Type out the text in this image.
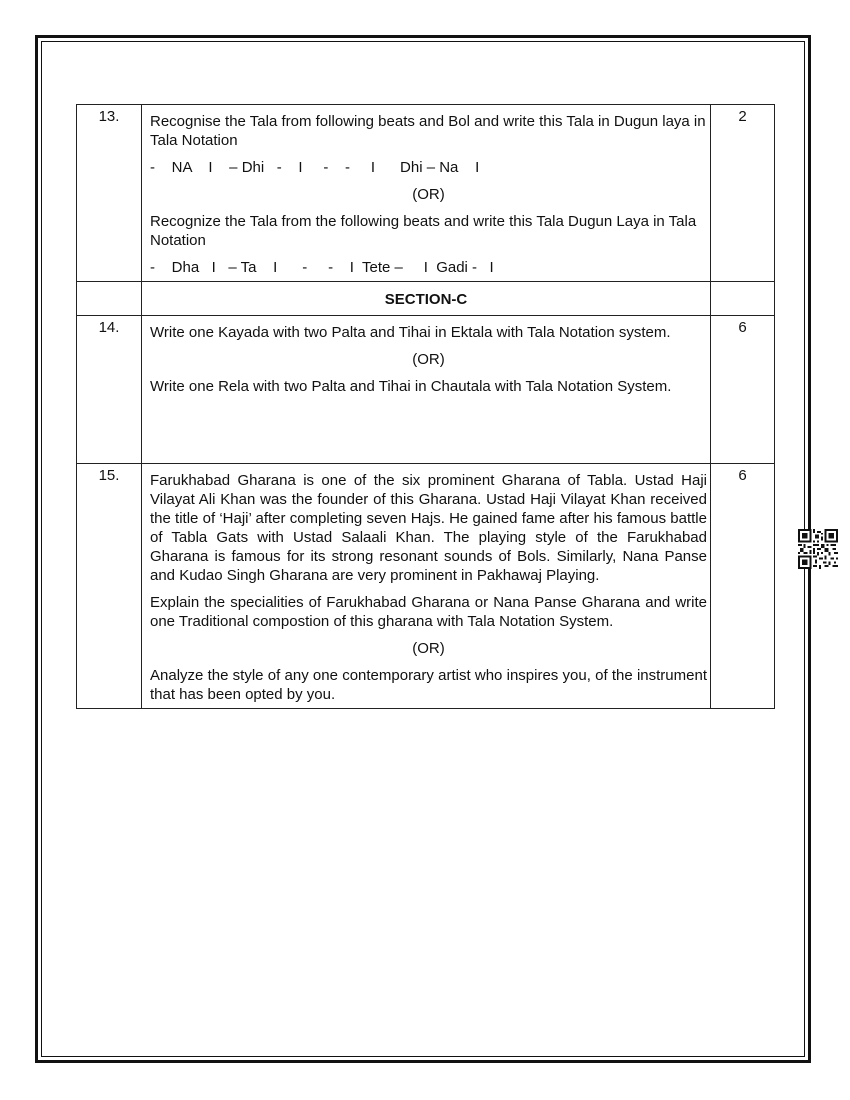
13.	Recognise the Tala from following beats and Bol and write this Tala in Dugun laya in Tala Notation

-    NA    I    – Dhi   -    I     -    -     I      Dhi – Na    I
(OR)

Recognize the Tala from the following beats and write this Tala Dugun Laya in Tala Notation

-    Dha   I   – Ta    I      -     -    I  Tete –     I  Gadi -   I	2
	SECTION-C	
14.	Write one Kayada with two Palta and Tihai in Ektala with Tala Notation system.

(OR)

Write one Rela with two Palta and Tihai in Chautala with Tala Notation System.	6
15.	Farukhabad Gharana is one of the six prominent Gharana of Tabla. Ustad Haji Vilayat Ali Khan was the founder of this Gharana. Ustad Haji Vilayat Khan received the title of ‘Haji’ after completing seven Hajs. He gained fame after his famous battle of Tabla Gats with Ustad Salaali Khan. The playing style of the Farukhabad Gharana is famous for its strong resonant sounds of Bols. Similarly, Nana Panse and Kudao Singh Gharana are very prominent in Pakhawaj Playing.

Explain the specialities of Farukhabad Gharana or Nana Panse Gharana and write one Traditional compostion of this gharana with Tala Notation System.

(OR)

Analyze the style of any one contemporary artist who inspires you, of the instrument that has been opted by you.	6
